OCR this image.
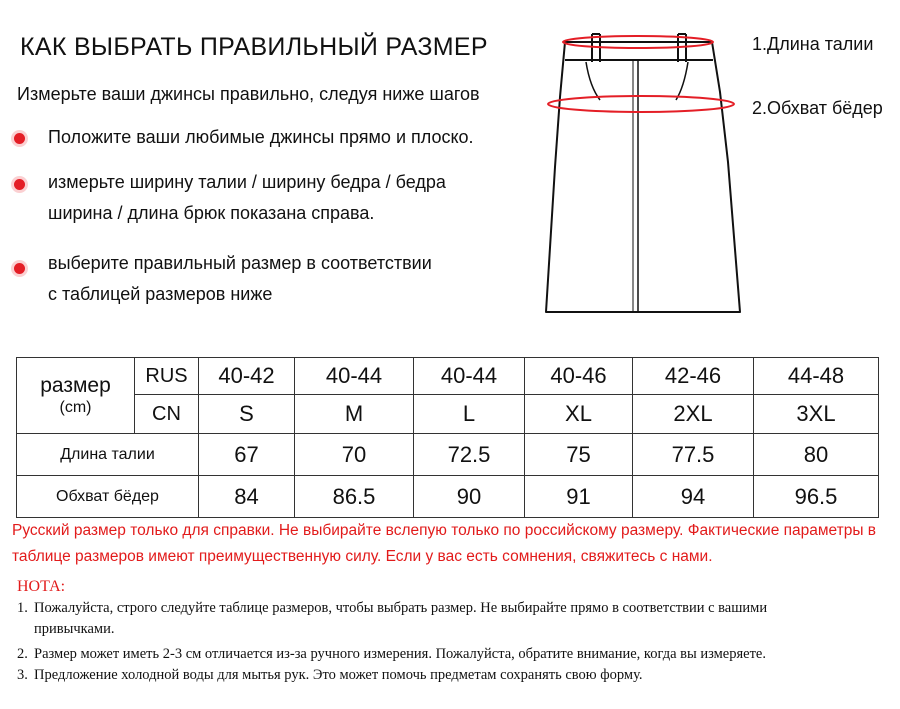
КАК ВЫБРАТЬ ПРАВИЛЬНЫЙ РАЗМЕР
Измерьте ваши джинсы правильно, следуя ниже шагов
Положите ваши любимые джинсы прямо и плоско.
измерьте ширину талии / ширину бедра / бедра
ширина / длина брюк показана справа.
выберите правильный размер в соответствии
с таблицей размеров ниже
1.Длина талии
2.Обхват бёдер
размер
(cm)	RUS	40-42	40-44	40-44	40-46	42-46	44-48
	CN	S	M	L	XL	2XL	3XL
Длина талии		67	70	72.5	75	77.5	80
Обхват бёдер		84	86.5	90	91	94	96.5
Русский размер только для справки. Не выбирайте вслепую только по российскому размеру. Фактические параметры в таблице размеров имеют преимущественную силу. Если у вас есть сомнения, свяжитесь с нами.
НОТА:
1. Пожалуйста, строго следуйте таблице размеров, чтобы выбрать размер. Не выбирайте прямо в соответствии с вашими
привычками.
2. Размер может иметь 2-3 см отличается из-за ручного измерения. Пожалуйста, обратите внимание, когда вы измеряете.
3. Предложение холодной воды для мытья рук. Это может помочь предметам сохранять свою форму.
